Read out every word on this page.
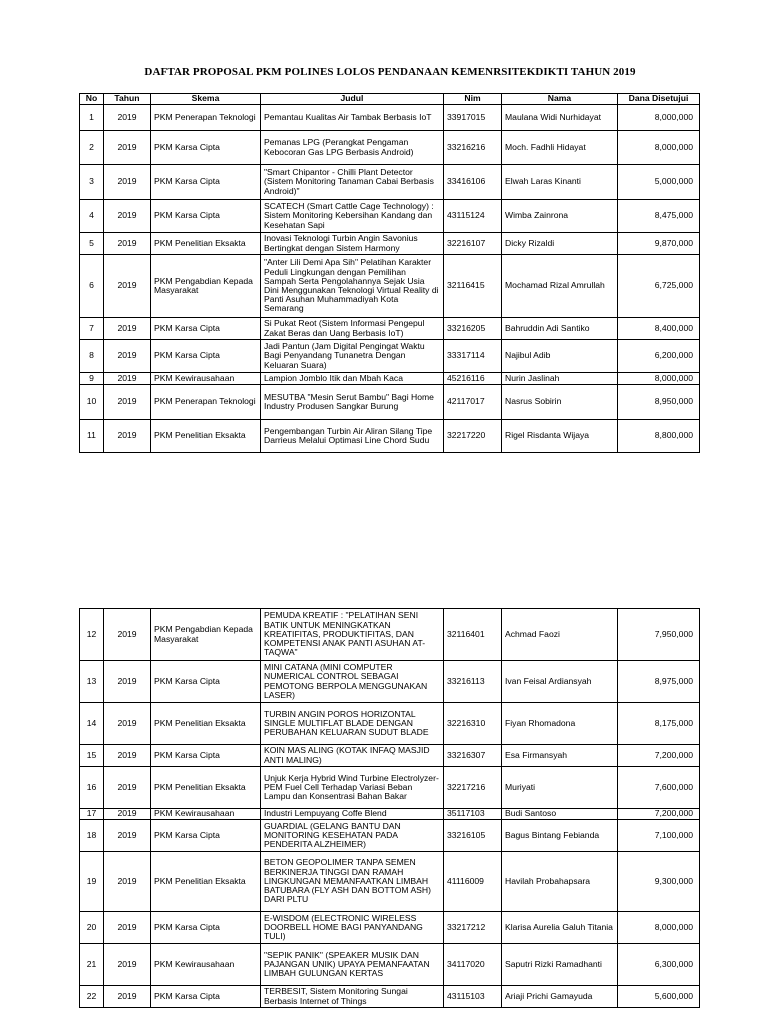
DAFTAR PROPOSAL PKM POLINES LOLOS PENDANAAN KEMENRSITEKDIKTI TAHUN 2019
No	Tahun	Skema	Judul	Nim	Nama	Dana Disetujui
1	2019	PKM Penerapan Teknologi	Pemantau Kualitas Air Tambak Berbasis IoT	33917015	Maulana Widi Nurhidayat	8,000,000
2	2019	PKM Karsa Cipta	Pemanas LPG (Perangkat Pengaman Kebocoran Gas LPG Berbasis Android)	33216216	Moch. Fadhli Hidayat	8,000,000
3	2019	PKM Karsa Cipta	"Smart Chipantor - Chilli Plant Detector (Sistem Monitoring Tanaman Cabai Berbasis Android)"	33416106	Elwah Laras Kinanti	5,000,000
4	2019	PKM Karsa Cipta	SCATECH (Smart Cattle Cage Technology) : Sistem Monitoring Kebersihan Kandang dan Kesehatan Sapi	43115124	Wimba Zainrona	8,475,000
5	2019	PKM Penelitian Eksakta	Inovasi Teknologi Turbin Angin Savonius Bertingkat dengan Sistem Harmony	32216107	Dicky Rizaldi	9,870,000
6	2019	PKM Pengabdian Kepada Masyarakat	"Anter Lili Demi Apa Sih" Pelatihan Karakter Peduli Lingkungan dengan Pemilihan Sampah Serta Pengolahannya Sejak Usia Dini Menggunakan Teknologi Virtual Reality di Panti Asuhan Muhammadiyah Kota Semarang	32116415	Mochamad Rizal Amrullah	6,725,000
7	2019	PKM Karsa Cipta	Si Pukat Reot (Sistem Informasi Pengepul Zakat Beras dan Uang Berbasis IoT)	33216205	Bahruddin Adi Santiko	8,400,000
8	2019	PKM Karsa Cipta	Jadi Pantun (Jam Digital Pengingat Waktu Bagi Penyandang Tunanetra Dengan Keluaran Suara)	33317114	Najibul Adib	6,200,000
9	2019	PKM Kewirausahaan	Lampion Jomblo Itik dan Mbah Kaca	45216116	Nurin Jaslinah	8,000,000
10	2019	PKM Penerapan Teknologi	MESUTBA "Mesin Serut Bambu" Bagi Home Industry Produsen Sangkar Burung	42117017	Nasrus Sobirin	8,950,000
11	2019	PKM Penelitian Eksakta	Pengembangan Turbin Air Aliran Silang Tipe Darrieus Melalui Optimasi Line Chord Sudu	32217220	Rigel Risdanta Wijaya	8,800,000
12	2019	PKM Pengabdian Kepada Masyarakat	PEMUDA KREATIF : "PELATIHAN SENI BATIK UNTUK MENINGKATKAN KREATIFITAS, PRODUKTIFITAS, DAN KOMPETENSI ANAK PANTI ASUHAN AT-TAQWA"	32116401	Achmad Faozi	7,950,000
13	2019	PKM Karsa Cipta	MINI CATANA (MINI COMPUTER NUMERICAL CONTROL SEBAGAI PEMOTONG BERPOLA MENGGUNAKAN LASER)	33216113	Ivan Feisal Ardiansyah	8,975,000
14	2019	PKM Penelitian Eksakta	TURBIN ANGIN POROS HORIZONTAL SINGLE MULTIFLAT BLADE DENGAN PERUBAHAN KELUARAN SUDUT BLADE	32216310	Fiyan Rhomadona	8,175,000
15	2019	PKM Karsa Cipta	KOIN MAS ALING (KOTAK INFAQ MASJID ANTI MALING)	33216307	Esa Firmansyah	7,200,000
16	2019	PKM Penelitian Eksakta	Unjuk Kerja Hybrid Wind Turbine Electrolyzer- PEM Fuel Cell Terhadap Variasi Beban Lampu dan Konsentrasi Bahan Bakar	32217216	Muriyati	7,600,000
17	2019	PKM Kewirausahaan	Industri Lempuyang Coffe Blend	35117103	Budi Santoso	7,200,000
18	2019	PKM Karsa Cipta	GUARDIAL (GELANG BANTU DAN MONITORING KESEHATAN PADA PENDERITA ALZHEIMER)	33216105	Bagus Bintang Febianda	7,100,000
19	2019	PKM Penelitian Eksakta	BETON GEOPOLIMER TANPA SEMEN BERKINERJA TINGGI DAN RAMAH LINGKUNGAN MEMANFAATKAN LIMBAH BATUBARA (FLY ASH DAN BOTTOM ASH) DARI PLTU	41116009	Havilah Probahapsara	9,300,000
20	2019	PKM Karsa Cipta	E-WISDOM (ELECTRONIC WIRELESS DOORBELL HOME BAGI PANYANDANG TULI)	33217212	Klarisa Aurelia Galuh Titania	8,000,000
21	2019	PKM Kewirausahaan	"SEPIK PANIK" (SPEAKER MUSIK DAN PAJANGAN UNIK) UPAYA PEMANFAATAN LIMBAH GULUNGAN KERTAS	34117020	Saputri Rizki Ramadhanti	6,300,000
22	2019	PKM Karsa Cipta	TERBESIT, Sistem Monitoring Sungai Berbasis Internet of Things	43115103	Ariaji Prichi Gamayuda	5,600,000
